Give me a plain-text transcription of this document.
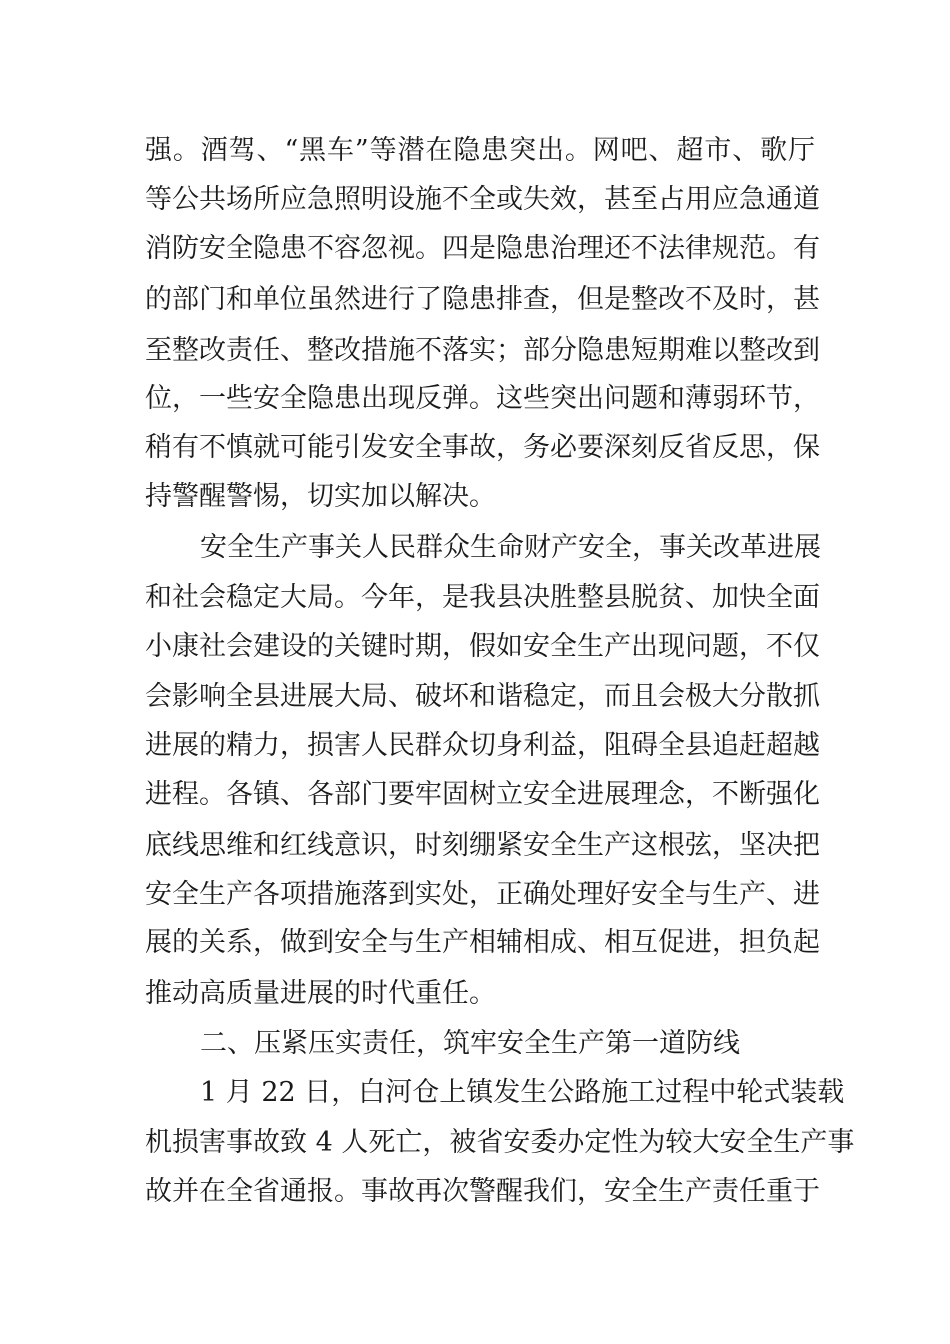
强。酒驾、“黑车”等潜在隐患突出。网吧、超市、歌厅
等公共场所应急照明设施不全或失效，甚至占用应急通道
消防安全隐患不容忽视。四是隐患治理还不法律规范。有
的部门和单位虽然进行了隐患排查，但是整改不及时，甚
至整改责任、整改措施不落实；部分隐患短期难以整改到
位，一些安全隐患出现反弹。这些突出问题和薄弱环节，
稍有不慎就可能引发安全事故，务必要深刻反省反思，保
持警醒警惕，切实加以解决。
安全生产事关人民群众生命财产安全，事关改革进展
和社会稳定大局。今年，是我县决胜整县脱贫、加快全面
小康社会建设的关键时期，假如安全生产出现问题，不仅
会影响全县进展大局、破坏和谐稳定，而且会极大分散抓
进展的精力，损害人民群众切身利益，阻碍全县追赶超越
进程。各镇、各部门要牢固树立安全进展理念，不断强化
底线思维和红线意识，时刻绷紧安全生产这根弦，坚决把
安全生产各项措施落到实处，正确处理好安全与生产、进
展的关系，做到安全与生产相辅相成、相互促进，担负起
推动高质量进展的时代重任。
二、压紧压实责任，筑牢安全生产第一道防线
1 月 22 日，白河仓上镇发生公路施工过程中轮式装载
机损害事故致 4 人死亡，被省安委办定性为较大安全生产事
故并在全省通报。事故再次警醒我们，安全生产责任重于
